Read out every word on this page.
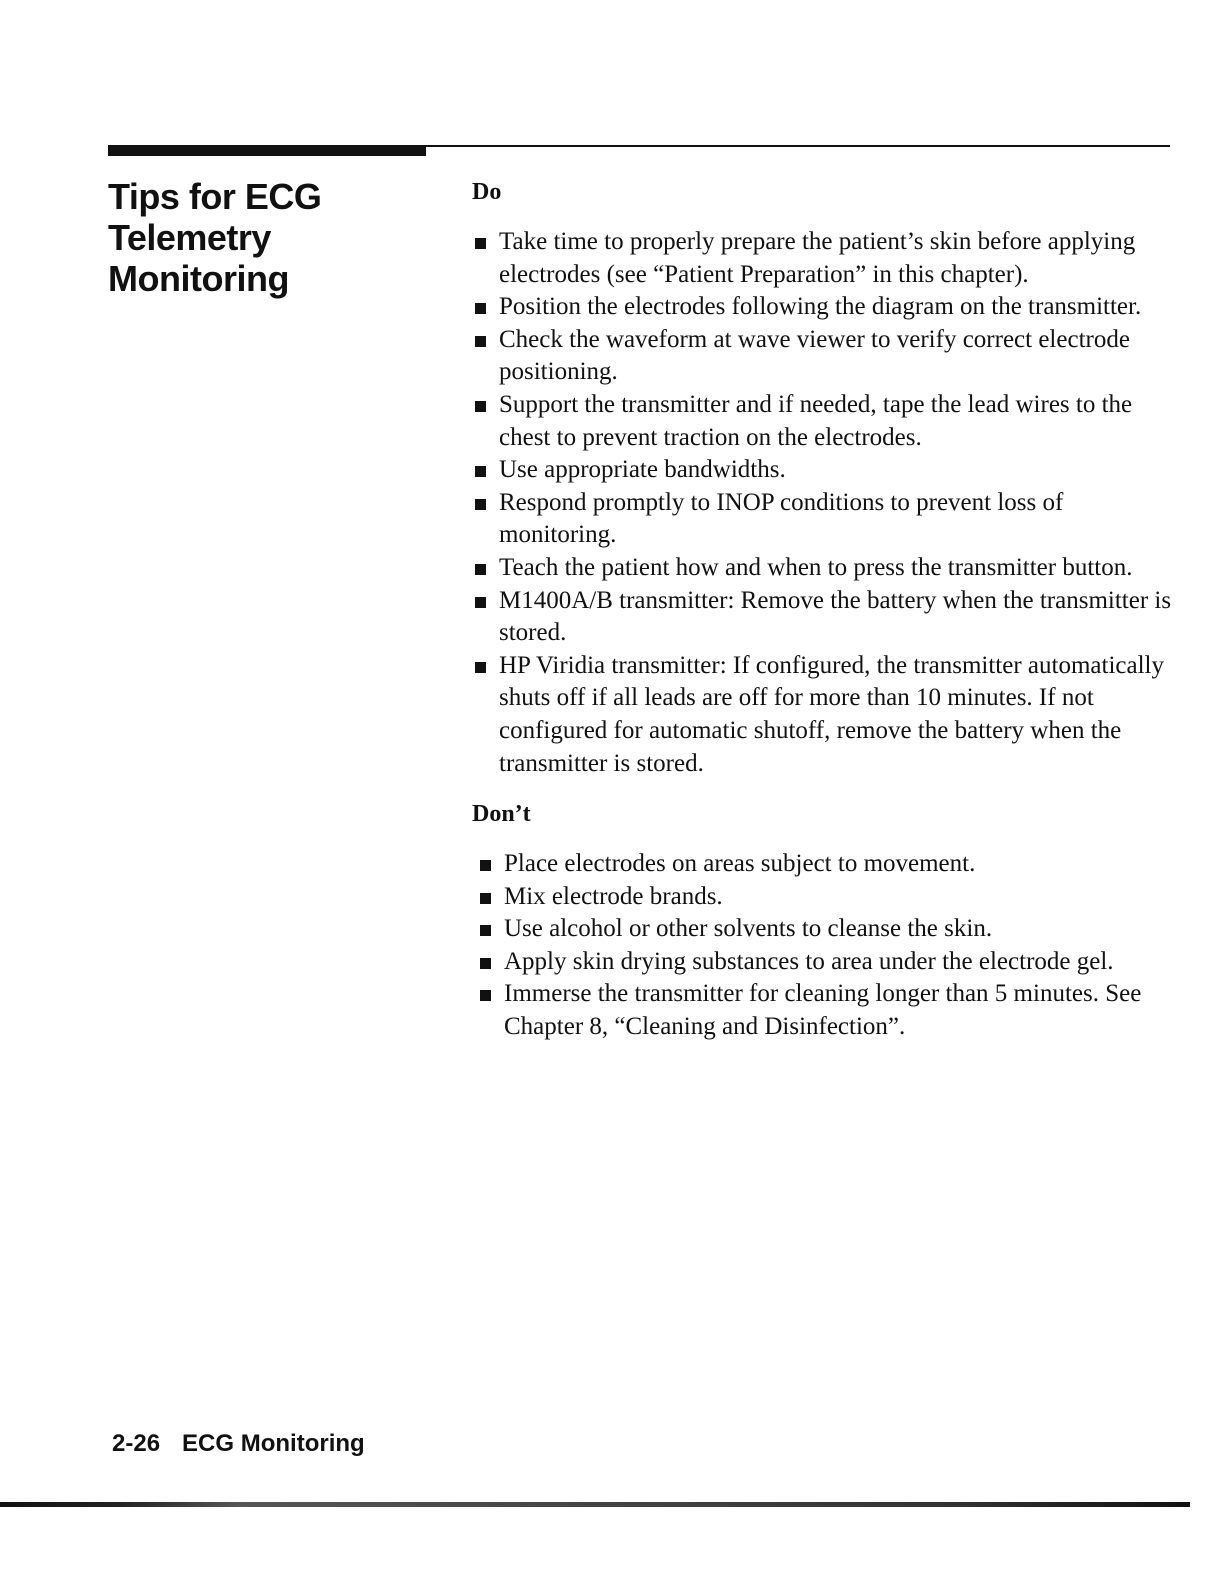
Tips for ECG
Telemetry
Monitoring
Do
Take time to properly prepare the patient’s skin before applying electrodes (see “Patient Preparation” in this chapter).
Position the electrodes following the diagram on the transmitter.
Check the waveform at wave viewer to verify correct electrode positioning.
Support the transmitter and if needed, tape the lead wires to the chest to prevent traction on the electrodes.
Use appropriate bandwidths.
Respond promptly to INOP conditions to prevent loss of monitoring.
Teach the patient how and when to press the transmitter button.
M1400A/B transmitter: Remove the battery when the transmitter is stored.
HP Viridia transmitter: If configured, the transmitter automatically shuts off if all leads are off for more than 10 minutes. If not configured for automatic shutoff, remove the battery when the transmitter is stored.
Don’t
Place electrodes on areas subject to movement.
Mix electrode brands.
Use alcohol or other solvents to cleanse the skin.
Apply skin drying substances to area under the electrode gel.
Immerse the transmitter for cleaning longer than 5 minutes. See Chapter 8, “Cleaning and Disinfection”.
2-26 ECG Monitoring
